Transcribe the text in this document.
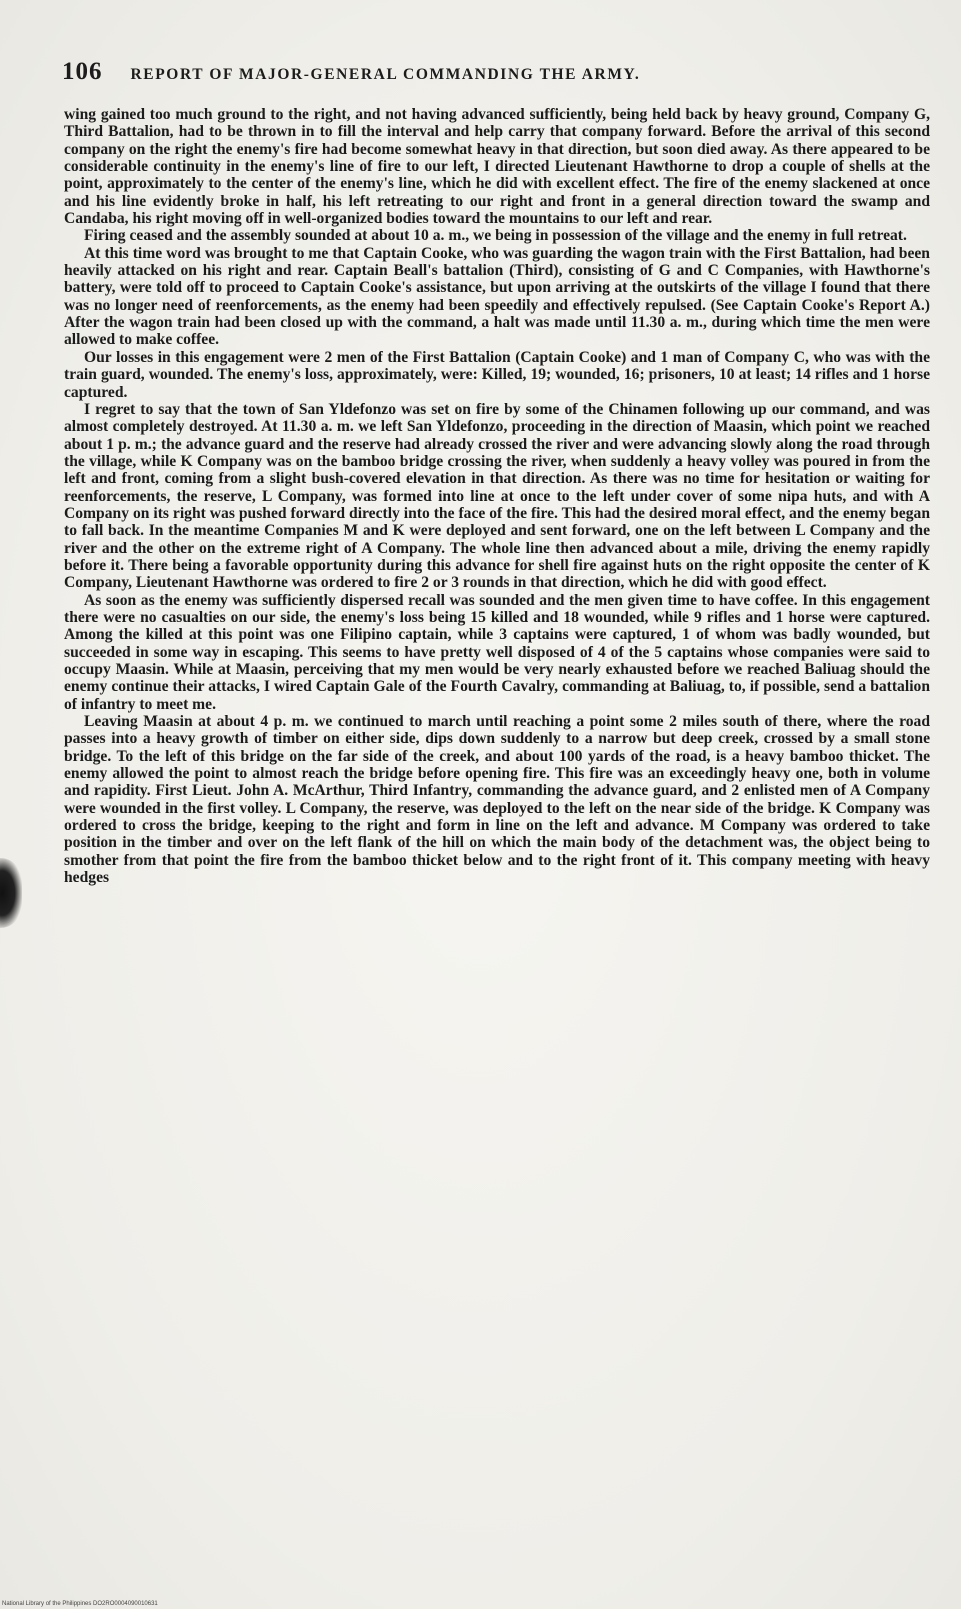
106 REPORT OF MAJOR-GENERAL COMMANDING THE ARMY.

wing gained too much ground to the right, and not having advanced sufficiently, being held back by heavy ground, Company G, Third Battalion, had to be thrown in to fill the interval and help carry that company forward. Before the arrival of this second company on the right the enemy's fire had become somewhat heavy in that direction, but soon died away. As there appeared to be considerable continuity in the enemy's line of fire to our left, I directed Lieutenant Hawthorne to drop a couple of shells at the point, approximately to the center of the enemy's line, which he did with excellent effect. The fire of the enemy slackened at once and his line evidently broke in half, his left retreating to our right and front in a general direction toward the swamp and Candaba, his right moving off in well-organized bodies toward the mountains to our left and rear.

Firing ceased and the assembly sounded at about 10 a. m., we being in possession of the village and the enemy in full retreat.

At this time word was brought to me that Captain Cooke, who was guarding the wagon train with the First Battalion, had been heavily attacked on his right and rear. Captain Beall's battalion (Third), consisting of G and C Companies, with Hawthorne's battery, were told off to proceed to Captain Cooke's assistance, but upon arriving at the outskirts of the village I found that there was no longer need of reenforcements, as the enemy had been speedily and effectively repulsed. (See Captain Cooke's Report A.) After the wagon train had been closed up with the command, a halt was made until 11.30 a. m., during which time the men were allowed to make coffee.

Our losses in this engagement were 2 men of the First Battalion (Captain Cooke) and 1 man of Company C, who was with the train guard, wounded. The enemy's loss, approximately, were: Killed, 19; wounded, 16; prisoners, 10 at least; 14 rifles and 1 horse captured.

I regret to say that the town of San Yldefonzo was set on fire by some of the Chinamen following up our command, and was almost completely destroyed. At 11.30 a. m. we left San Yldefonzo, proceeding in the direction of Maasin, which point we reached about 1 p. m.; the advance guard and the reserve had already crossed the river and were advancing slowly along the road through the village, while K Company was on the bamboo bridge crossing the river, when suddenly a heavy volley was poured in from the left and front, coming from a slight bush-covered elevation in that direction. As there was no time for hesitation or waiting for reenforcements, the reserve, L Company, was formed into line at once to the left under cover of some nipa huts, and with A Company on its right was pushed forward directly into the face of the fire. This had the desired moral effect, and the enemy began to fall back. In the meantime Companies M and K were deployed and sent forward, one on the left between L Company and the river and the other on the extreme right of A Company. The whole line then advanced about a mile, driving the enemy rapidly before it. There being a favorable opportunity during this advance for shell fire against huts on the right opposite the center of K Company, Lieutenant Hawthorne was ordered to fire 2 or 3 rounds in that direction, which he did with good effect.

As soon as the enemy was sufficiently dispersed recall was sounded and the men given time to have coffee. In this engagement there were no casualties on our side, the enemy's loss being 15 killed and 18 wounded, while 9 rifles and 1 horse were captured. Among the killed at this point was one Filipino captain, while 3 captains were captured, 1 of whom was badly wounded, but succeeded in some way in escaping. This seems to have pretty well disposed of 4 of the 5 captains whose companies were said to occupy Maasin. While at Maasin, perceiving that my men would be very nearly exhausted before we reached Baliuag should the enemy continue their attacks, I wired Captain Gale of the Fourth Cavalry, commanding at Baliuag, to, if possible, send a battalion of infantry to meet me.

Leaving Maasin at about 4 p. m. we continued to march until reaching a point some 2 miles south of there, where the road passes into a heavy growth of timber on either side, dips down suddenly to a narrow but deep creek, crossed by a small stone bridge. To the left of this bridge on the far side of the creek, and about 100 yards of the road, is a heavy bamboo thicket. The enemy allowed the point to almost reach the bridge before opening fire. This fire was an exceedingly heavy one, both in volume and rapidity. First Lieut. John A. McArthur, Third Infantry, commanding the advance guard, and 2 enlisted men of A Company were wounded in the first volley. L Company, the reserve, was deployed to the left on the near side of the bridge. K Company was ordered to cross the bridge, keeping to the right and form in line on the left and advance. M Company was ordered to take position in the timber and over on the left flank of the hill on which the main body of the detachment was, the object being to smother from that point the fire from the bamboo thicket below and to the right front of it. This company meeting with heavy hedges

National Library of the Philippines DO2RO0004090010631
